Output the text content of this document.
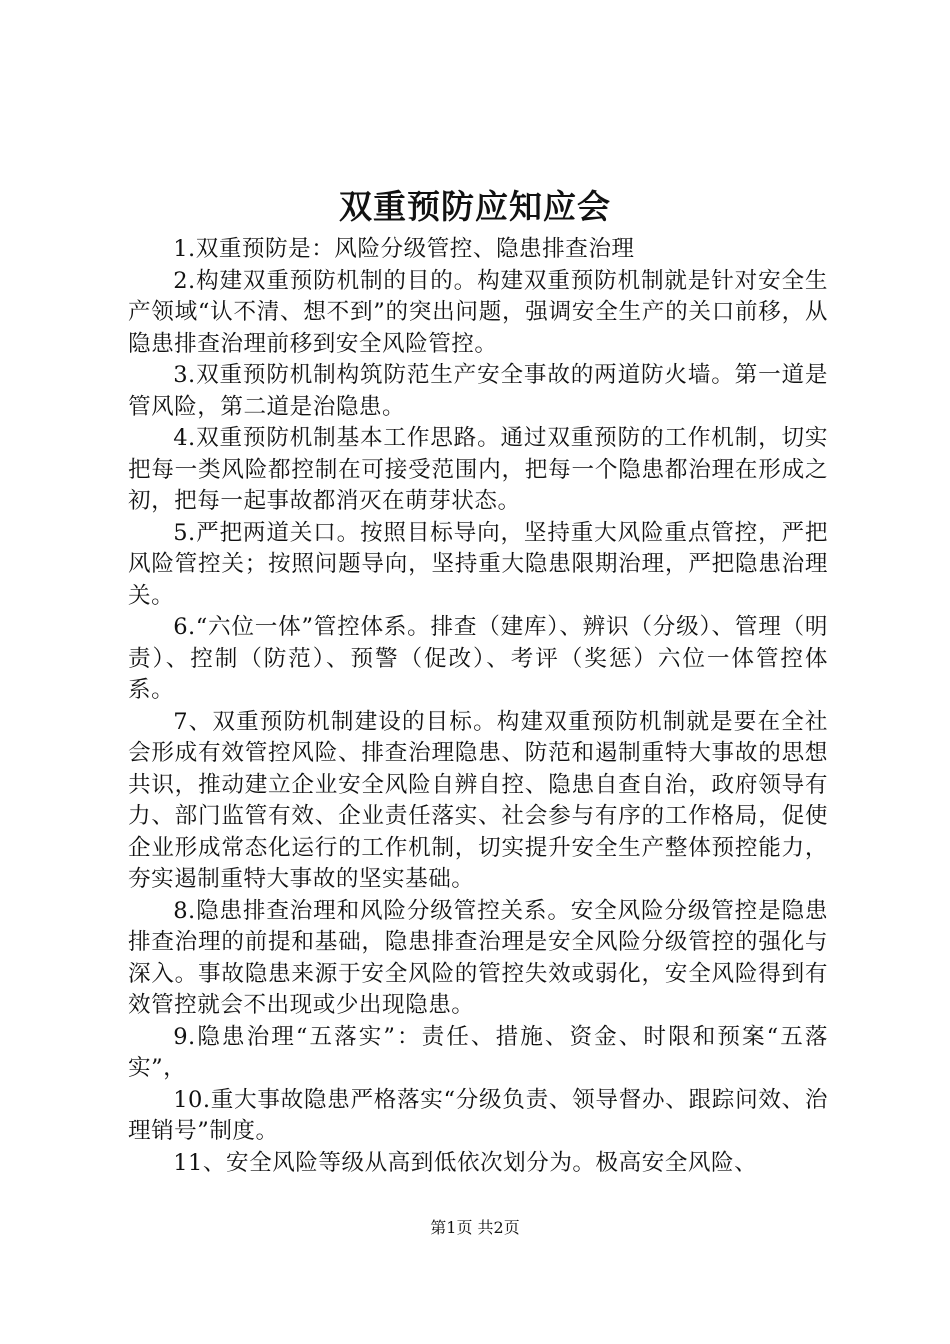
双重预防应知应会

1.双重预防是：风险分级管控、隐患排查治理

2.构建双重预防机制的目的。构建双重预防机制就是针对安全生产领域“认不清、想不到”的突出问题，强调安全生产的关口前移，从隐患排查治理前移到安全风险管控。

3.双重预防机制构筑防范生产安全事故的两道防火墙。第一道是管风险，第二道是治隐患。

4.双重预防机制基本工作思路。通过双重预防的工作机制，切实把每一类风险都控制在可接受范围内，把每一个隐患都治理在形成之初，把每一起事故都消灭在萌芽状态。

5.严把两道关口。按照目标导向，坚持重大风险重点管控，严把风险管控关；按照问题导向，坚持重大隐患限期治理，严把隐患治理关。

6.“六位一体”管控体系。排查（建库）、辨识（分级）、管理（明责）、控制（防范）、预警（促改）、考评（奖惩）六位一体管控体系。

7、双重预防机制建设的目标。构建双重预防机制就是要在全社会形成有效管控风险、排查治理隐患、防范和遏制重特大事故的思想共识，推动建立企业安全风险自辨自控、隐患自查自治，政府领导有力、部门监管有效、企业责任落实、社会参与有序的工作格局，促使企业形成常态化运行的工作机制，切实提升安全生产整体预控能力，夯实遏制重特大事故的坚实基础。

8.隐患排查治理和风险分级管控关系。安全风险分级管控是隐患排查治理的前提和基础，隐患排查治理是安全风险分级管控的强化与深入。事故隐患来源于安全风险的管控失效或弱化，安全风险得到有效管控就会不出现或少出现隐患。

9.隐患治理“五落实”：责任、措施、资金、时限和预案“五落实”，

10.重大事故隐患严格落实“分级负责、领导督办、跟踪问效、治理销号”制度。

11、安全风险等级从高到低依次划分为。极高安全风险、

第1页 共2页
